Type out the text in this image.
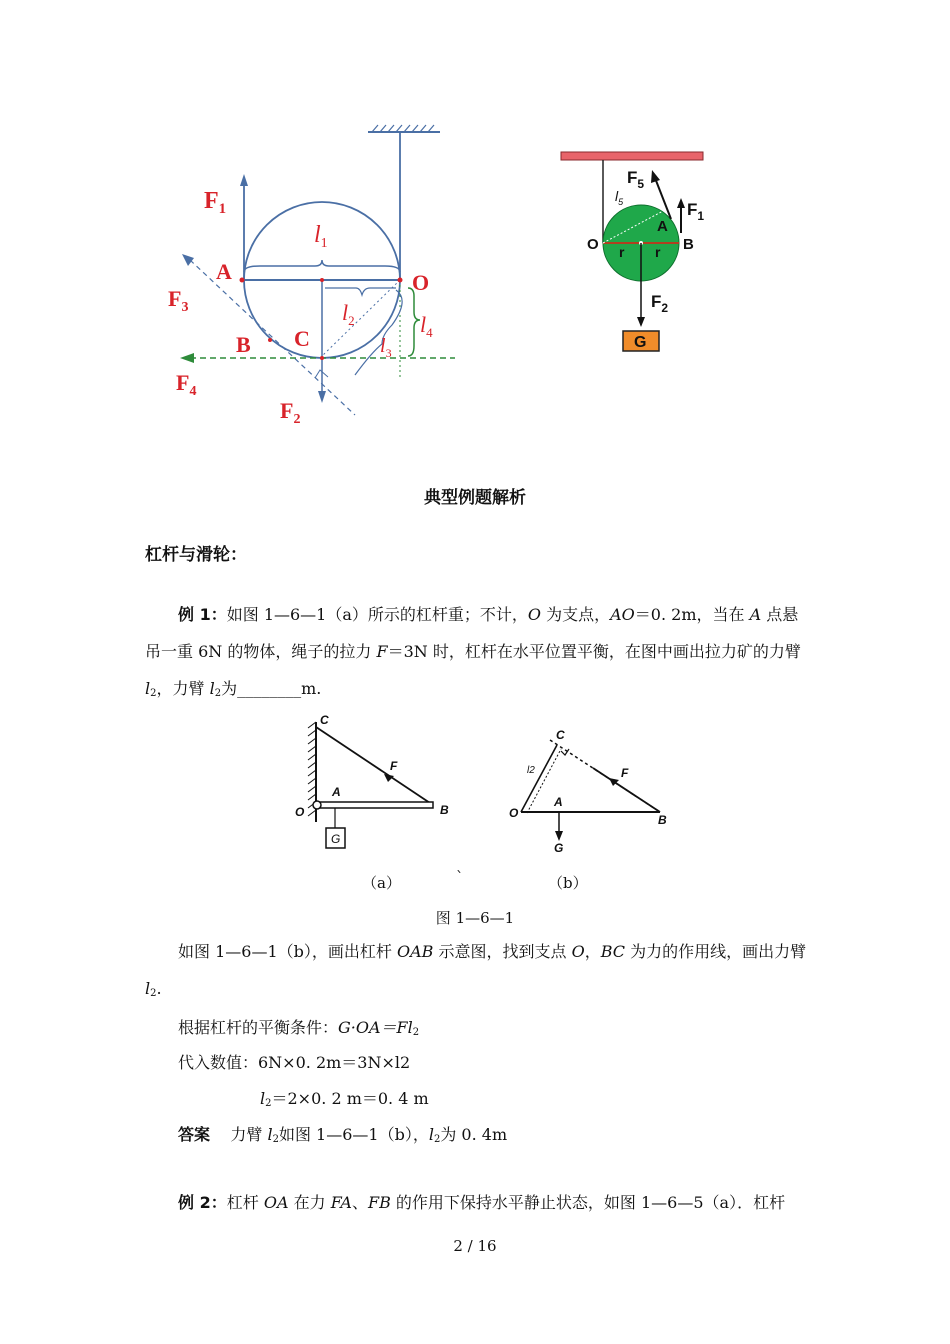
$F_1$
A
$F_3$
B C
O
$F_4$
$F_2$
$l_1$
$l_2$
$l_3$
$l_4$
G
$F_5$
$F_1$
$l_5$
A
O	B
r r
$F_2$
典型例题解析
杠杆与滑轮：
例 1：如图 1—6—1（a）所示的杠杆重；不计，O 为支点，AO＝0. 2m，当在 A 点悬吊一重 6N 的物体，绳子的拉力 F＝3N 时，杠杆在水平位置平衡，在图中画出拉力矿的力臂 $l_2$，力臂 $l_2$为________m.
G
C
F
A
O	B
C
l2	F
A
O	B
G
（a）	`	（b）
图 1—6—1
如图 1—6—1（b），画出杠杆 OAB 示意图，找到支点 O，BC 为力的作用线，画出力臂 $l_2$.
根据杠杆的平衡条件：$G\cdot OA=Fl_2$
代入数值：6N×0. 2m＝3N×l2
$l_2=2\times 0$. 2 m＝0. 4 m
答案 力臂 $l_2$如图 1—6—1（b），$l_2$为 0. 4m
例 2：杠杆 OA 在力 FA、FB 的作用下保持水平静止状态，如图 1—6—5（a）．杠杆
2 / 16
